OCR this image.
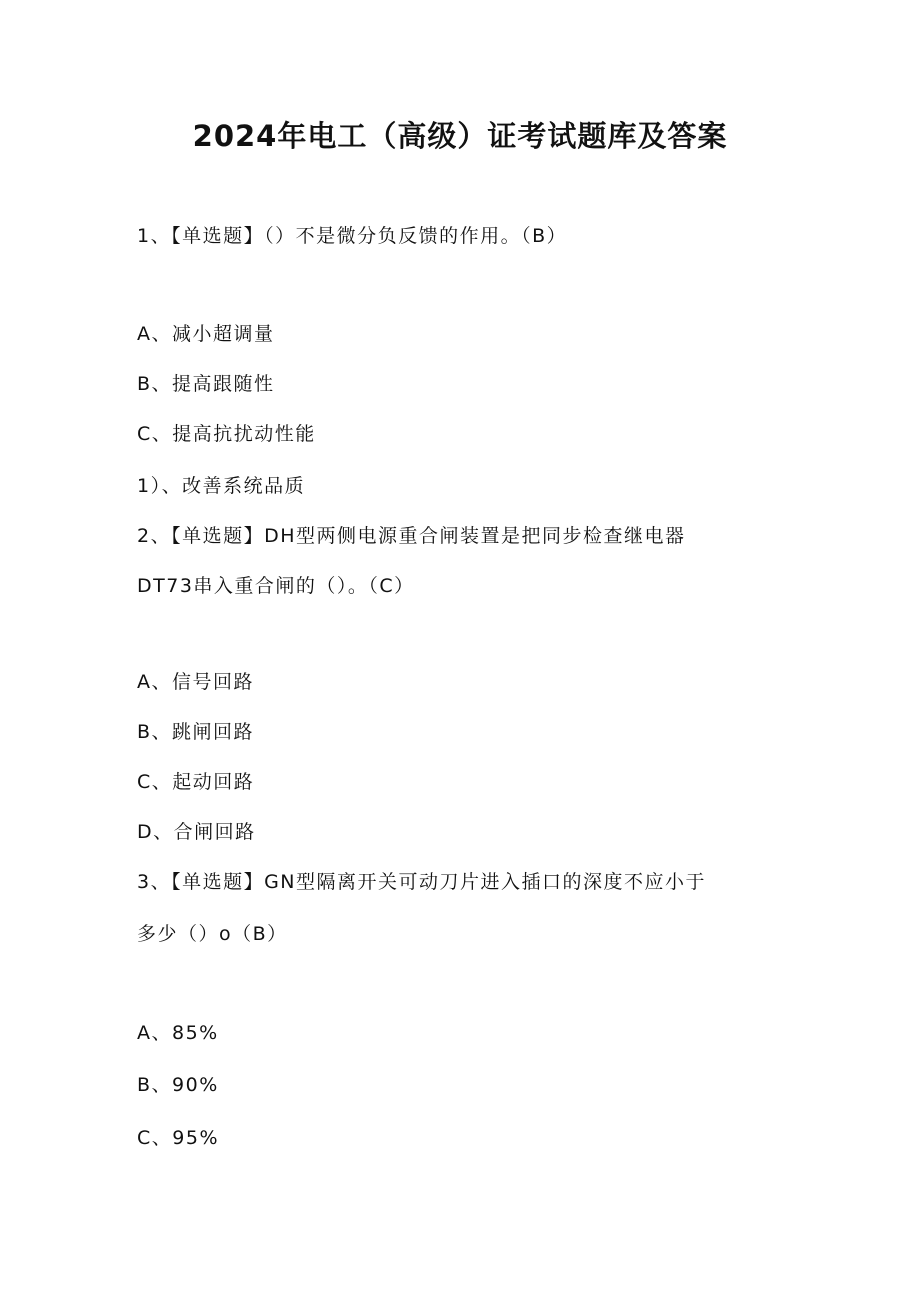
2024年电工（高级）证考试题库及答案
1、【单选题】（）不是微分负反馈的作用。（B）
A、减小超调量
B、提高跟随性
C、提高抗扰动性能
1）、改善系统品质
2、【单选题】DH型两侧电源重合闸装置是把同步检查继电器
DT73串入重合闸的（）。（C）
A、信号回路
B、跳闸回路
C、起动回路
D、合闸回路
3、【单选题】GN型隔离开关可动刀片进入插口的深度不应小于
多少（）o（B）
A、85%
B、90%
C、95%
